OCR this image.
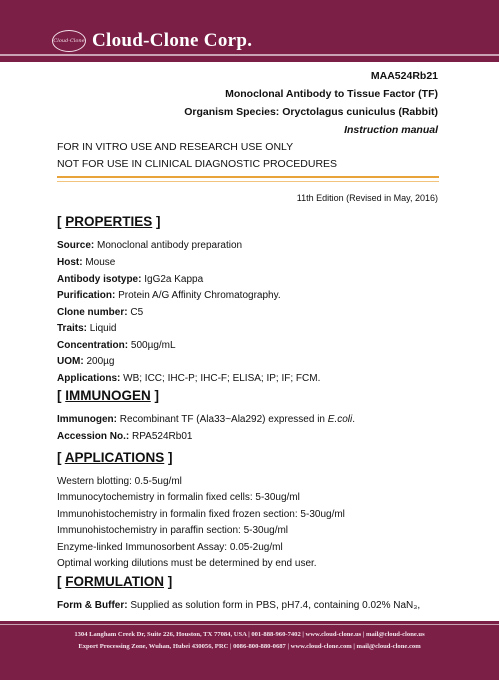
Cloud-Clone Cloud-Clone Corp.
MAA524Rb21
Monoclonal Antibody to Tissue Factor (TF)
Organism Species: Oryctolagus cuniculus (Rabbit)
Instruction manual
FOR IN VITRO USE AND RESEARCH USE ONLY
NOT FOR USE IN CLINICAL DIAGNOSTIC PROCEDURES
11th Edition (Revised in May, 2016)
[ PROPERTIES ]
Source: Monoclonal antibody preparation
Host: Mouse
Antibody isotype: IgG2a Kappa
Purification: Protein A/G Affinity Chromatography.
Clone number: C5
Traits: Liquid
Concentration: 500µg/mL
UOM: 200µg
Applications: WB; ICC; IHC-P; IHC-F; ELISA; IP; IF; FCM.
[ IMMUNOGEN ]
Immunogen: Recombinant TF (Ala33~Ala292) expressed in E.coli.
Accession No.: RPA524Rb01
[ APPLICATIONS ]
Western blotting: 0.5-5ug/ml
Immunocytochemistry in formalin fixed cells: 5-30ug/ml
Immunohistochemistry in formalin fixed frozen section: 5-30ug/ml
Immunohistochemistry in paraffin section: 5-30ug/ml
Enzyme-linked Immunosorbent Assay: 0.05-2ug/ml
Optimal working dilutions must be determined by end user.
[ FORMULATION ]
Form & Buffer: Supplied as solution form in PBS, pH7.4, containing 0.02% NaN₃,
1304 Langham Creek Dr, Suite 226, Houston, TX 77084, USA | 001-888-960-7402 | www.cloud-clone.us | mail@cloud-clone.us
Export Processing Zone, Wuhan, Hubei 430056, PRC | 0086-800-880-0687 | www.cloud-clone.com | mail@cloud-clone.com
